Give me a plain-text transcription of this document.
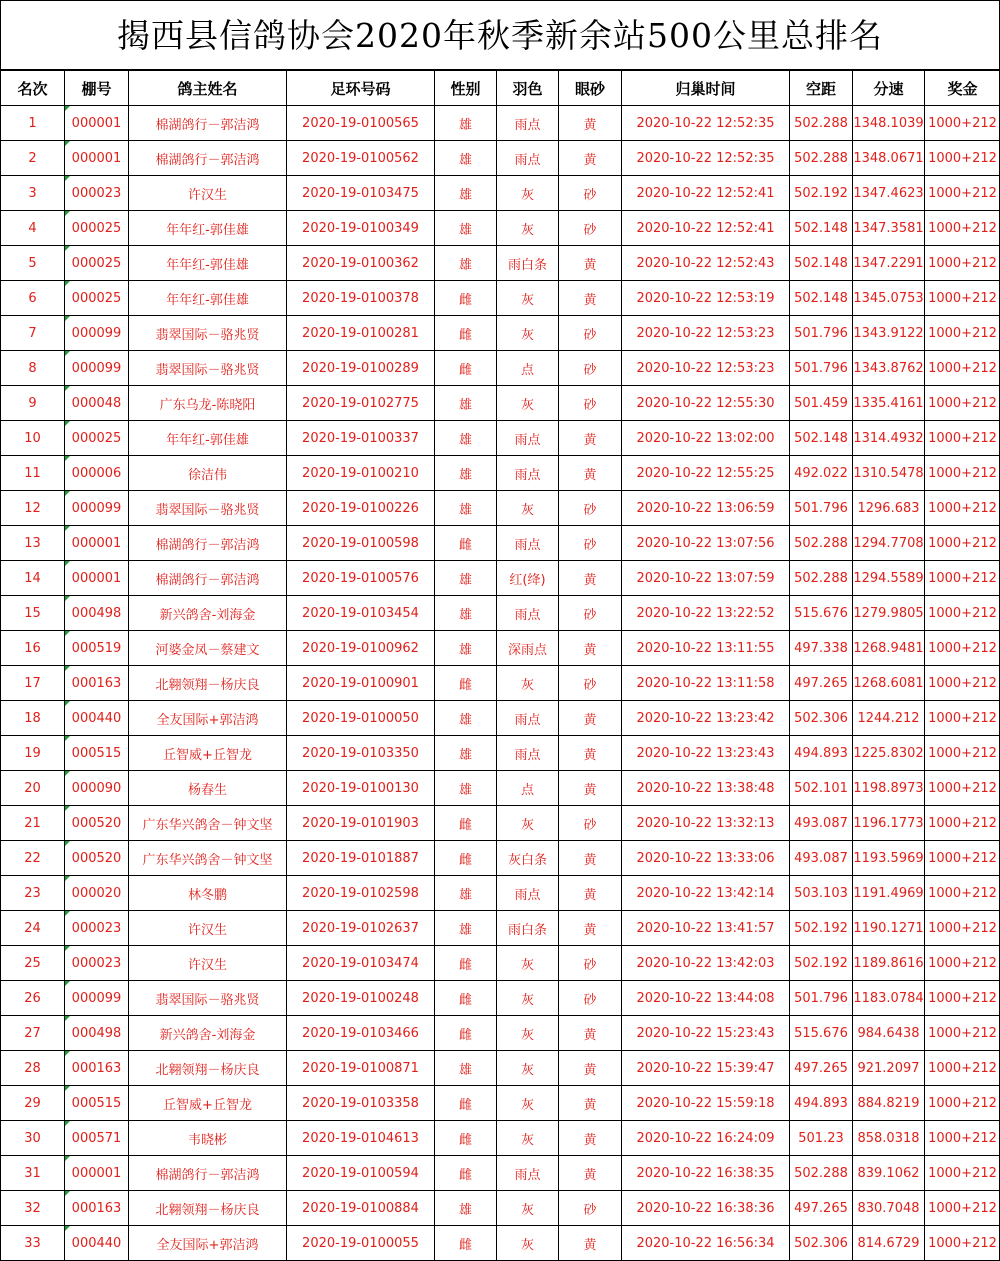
揭西县信鸽协会2020年秋季新余站500公里总排名
名次	棚号	鸽主姓名	足环号码	性别	羽色	眼砂	归巢时间	空距	分速	奖金
1	000001	棉湖鸽行－郭洁鸿	2020-19-0100565	雄	雨点	黄	2020-10-22 12:52:35	502.288	1348.1039	1000+212
2	000001	棉湖鸽行－郭洁鸿	2020-19-0100562	雄	雨点	黄	2020-10-22 12:52:35	502.288	1348.0671	1000+212
3	000023	许汉生	2020-19-0103475	雄	灰	砂	2020-10-22 12:52:41	502.192	1347.4623	1000+212
4	000025	年年红-郭佳雄	2020-19-0100349	雄	灰	砂	2020-10-22 12:52:41	502.148	1347.3581	1000+212
5	000025	年年红-郭佳雄	2020-19-0100362	雄	雨白条	黄	2020-10-22 12:52:43	502.148	1347.2291	1000+212
6	000025	年年红-郭佳雄	2020-19-0100378	雌	灰	黄	2020-10-22 12:53:19	502.148	1345.0753	1000+212
7	000099	翡翠国际－骆兆贤	2020-19-0100281	雌	灰	砂	2020-10-22 12:53:23	501.796	1343.9122	1000+212
8	000099	翡翠国际－骆兆贤	2020-19-0100289	雌	点	砂	2020-10-22 12:53:23	501.796	1343.8762	1000+212
9	000048	广东乌龙-陈晓阳	2020-19-0102775	雄	灰	砂	2020-10-22 12:55:30	501.459	1335.4161	1000+212
10	000025	年年红-郭佳雄	2020-19-0100337	雄	雨点	黄	2020-10-22 13:02:00	502.148	1314.4932	1000+212
11	000006	徐洁伟	2020-19-0100210	雄	雨点	黄	2020-10-22 12:55:25	492.022	1310.5478	1000+212
12	000099	翡翠国际－骆兆贤	2020-19-0100226	雄	灰	砂	2020-10-22 13:06:59	501.796	1296.683	1000+212
13	000001	棉湖鸽行－郭洁鸿	2020-19-0100598	雌	雨点	砂	2020-10-22 13:07:56	502.288	1294.7708	1000+212
14	000001	棉湖鸽行－郭洁鸿	2020-19-0100576	雄	红(绛)	黄	2020-10-22 13:07:59	502.288	1294.5589	1000+212
15	000498	新兴鸽舍-刘海金	2020-19-0103454	雄	雨点	砂	2020-10-22 13:22:52	515.676	1279.9805	1000+212
16	000519	河婆金凤－蔡建文	2020-19-0100962	雄	深雨点	黄	2020-10-22 13:11:55	497.338	1268.9481	1000+212
17	000163	北翱领翔－杨庆良	2020-19-0100901	雌	灰	砂	2020-10-22 13:11:58	497.265	1268.6081	1000+212
18	000440	全友国际+郭洁鸿	2020-19-0100050	雄	雨点	黄	2020-10-22 13:23:42	502.306	1244.212	1000+212
19	000515	丘智威+丘智龙	2020-19-0103350	雄	雨点	黄	2020-10-22 13:23:43	494.893	1225.8302	1000+212
20	000090	杨春生	2020-19-0100130	雄	点	黄	2020-10-22 13:38:48	502.101	1198.8973	1000+212
21	000520	广东华兴鸽舍－钟文坚	2020-19-0101903	雌	灰	砂	2020-10-22 13:32:13	493.087	1196.1773	1000+212
22	000520	广东华兴鸽舍－钟文坚	2020-19-0101887	雌	灰白条	黄	2020-10-22 13:33:06	493.087	1193.5969	1000+212
23	000020	林冬鹏	2020-19-0102598	雄	雨点	黄	2020-10-22 13:42:14	503.103	1191.4969	1000+212
24	000023	许汉生	2020-19-0102637	雄	雨白条	黄	2020-10-22 13:41:57	502.192	1190.1271	1000+212
25	000023	许汉生	2020-19-0103474	雌	灰	砂	2020-10-22 13:42:03	502.192	1189.8616	1000+212
26	000099	翡翠国际－骆兆贤	2020-19-0100248	雌	灰	砂	2020-10-22 13:44:08	501.796	1183.0784	1000+212
27	000498	新兴鸽舍-刘海金	2020-19-0103466	雌	灰	黄	2020-10-22 15:23:43	515.676	984.6438	1000+212
28	000163	北翱领翔－杨庆良	2020-19-0100871	雄	灰	黄	2020-10-22 15:39:47	497.265	921.2097	1000+212
29	000515	丘智威+丘智龙	2020-19-0103358	雌	灰	黄	2020-10-22 15:59:18	494.893	884.8219	1000+212
30	000571	韦晓彬	2020-19-0104613	雌	灰	黄	2020-10-22 16:24:09	501.23	858.0318	1000+212
31	000001	棉湖鸽行－郭洁鸿	2020-19-0100594	雌	雨点	黄	2020-10-22 16:38:35	502.288	839.1062	1000+212
32	000163	北翱领翔－杨庆良	2020-19-0100884	雄	灰	砂	2020-10-22 16:38:36	497.265	830.7048	1000+212
33	000440	全友国际+郭洁鸿	2020-19-0100055	雌	灰	黄	2020-10-22 16:56:34	502.306	814.6729	1000+212
